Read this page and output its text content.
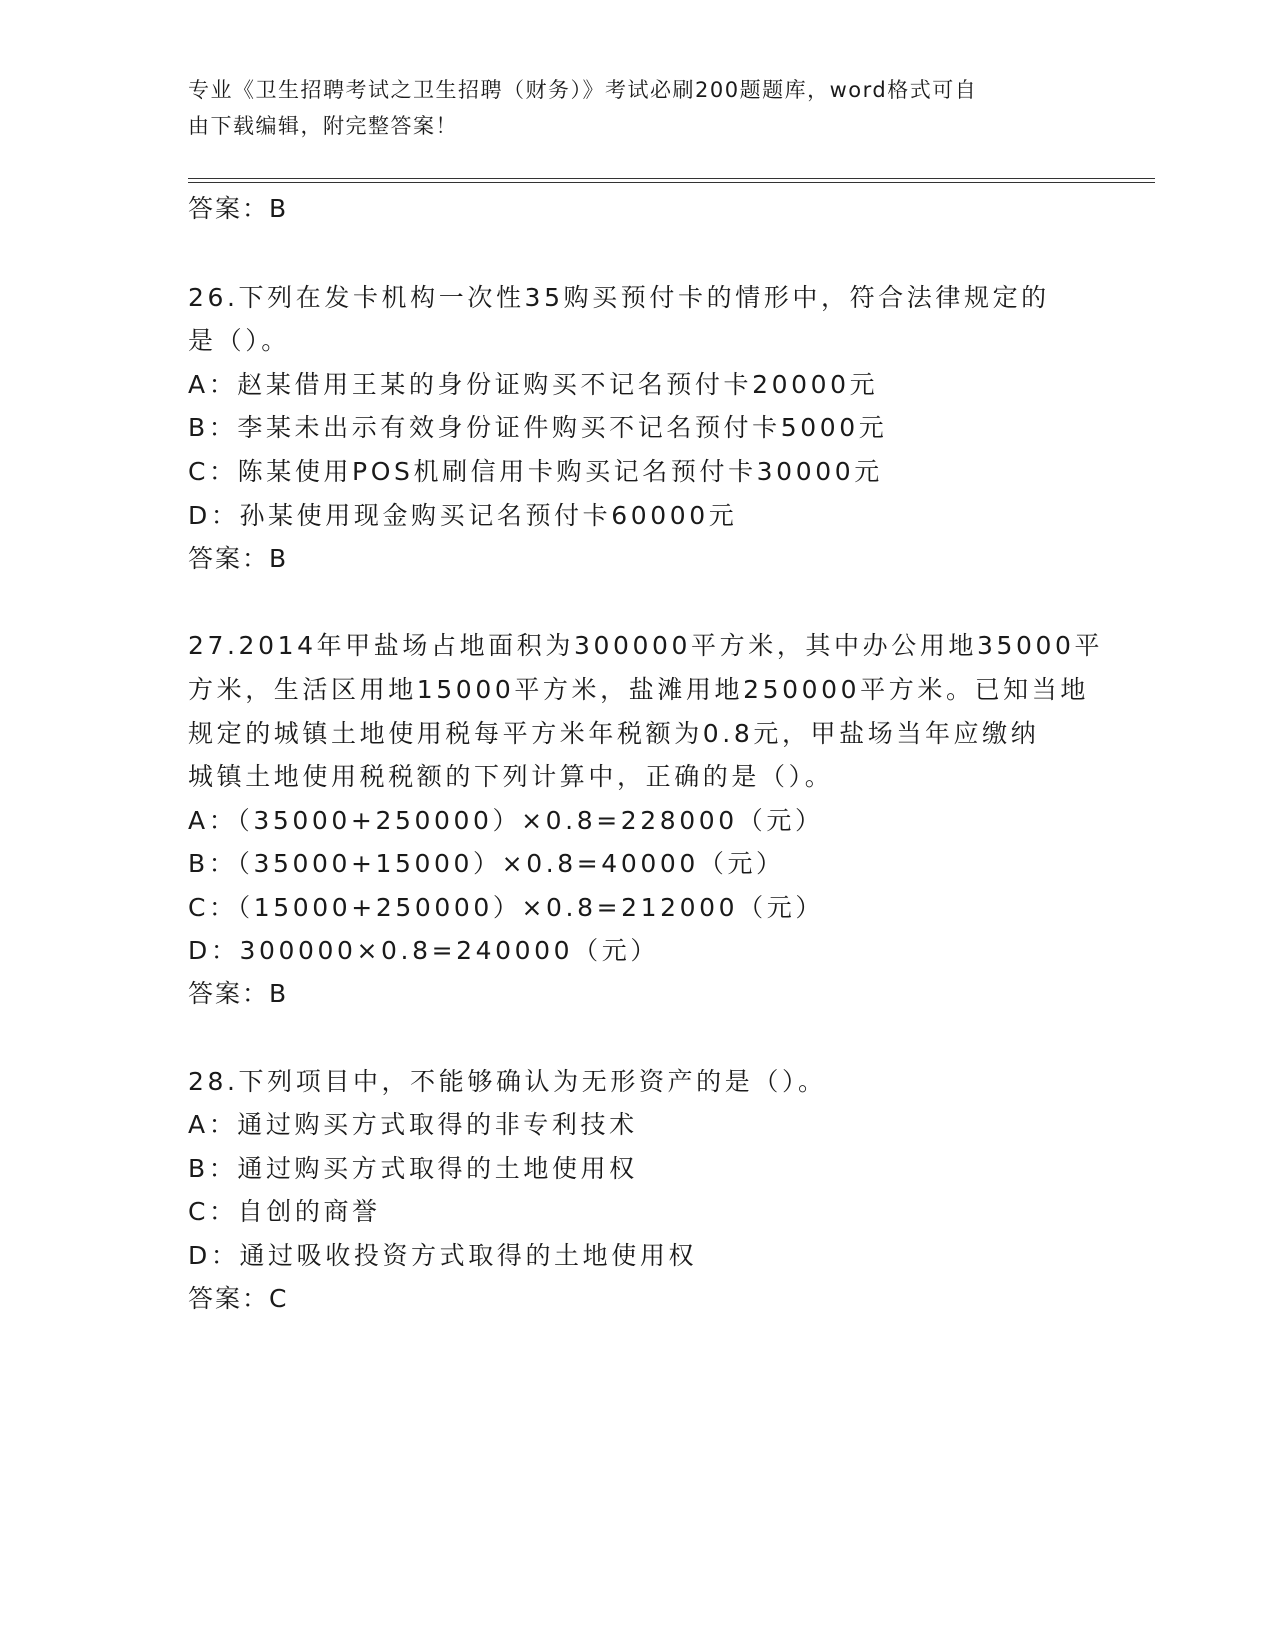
专业《卫生招聘考试之卫生招聘（财务）》考试必刷200题题库，word格式可自
由下载编辑，附完整答案！
答案：B
26.下列在发卡机构一次性35购买预付卡的情形中，符合法律规定的
是（）。
A：赵某借用王某的身份证购买不记名预付卡20000元
B：李某未出示有效身份证件购买不记名预付卡5000元
C：陈某使用POS机刷信用卡购买记名预付卡30000元
D：孙某使用现金购买记名预付卡60000元
答案：B
27.2014年甲盐场占地面积为300000平方米，其中办公用地35000平
方米，生活区用地15000平方米，盐滩用地250000平方米。已知当地
规定的城镇土地使用税每平方米年税额为0.8元，甲盐场当年应缴纳
城镇土地使用税税额的下列计算中，正确的是（）。
A：（35000+250000）×0.8=228000（元）
B：（35000+15000）×0.8=40000（元）
C：（15000+250000）×0.8=212000（元）
D：300000×0.8=240000（元）
答案：B
28.下列项目中，不能够确认为无形资产的是（）。
A：通过购买方式取得的非专利技术
B：通过购买方式取得的土地使用权
C：自创的商誉
D：通过吸收投资方式取得的土地使用权
答案：C
